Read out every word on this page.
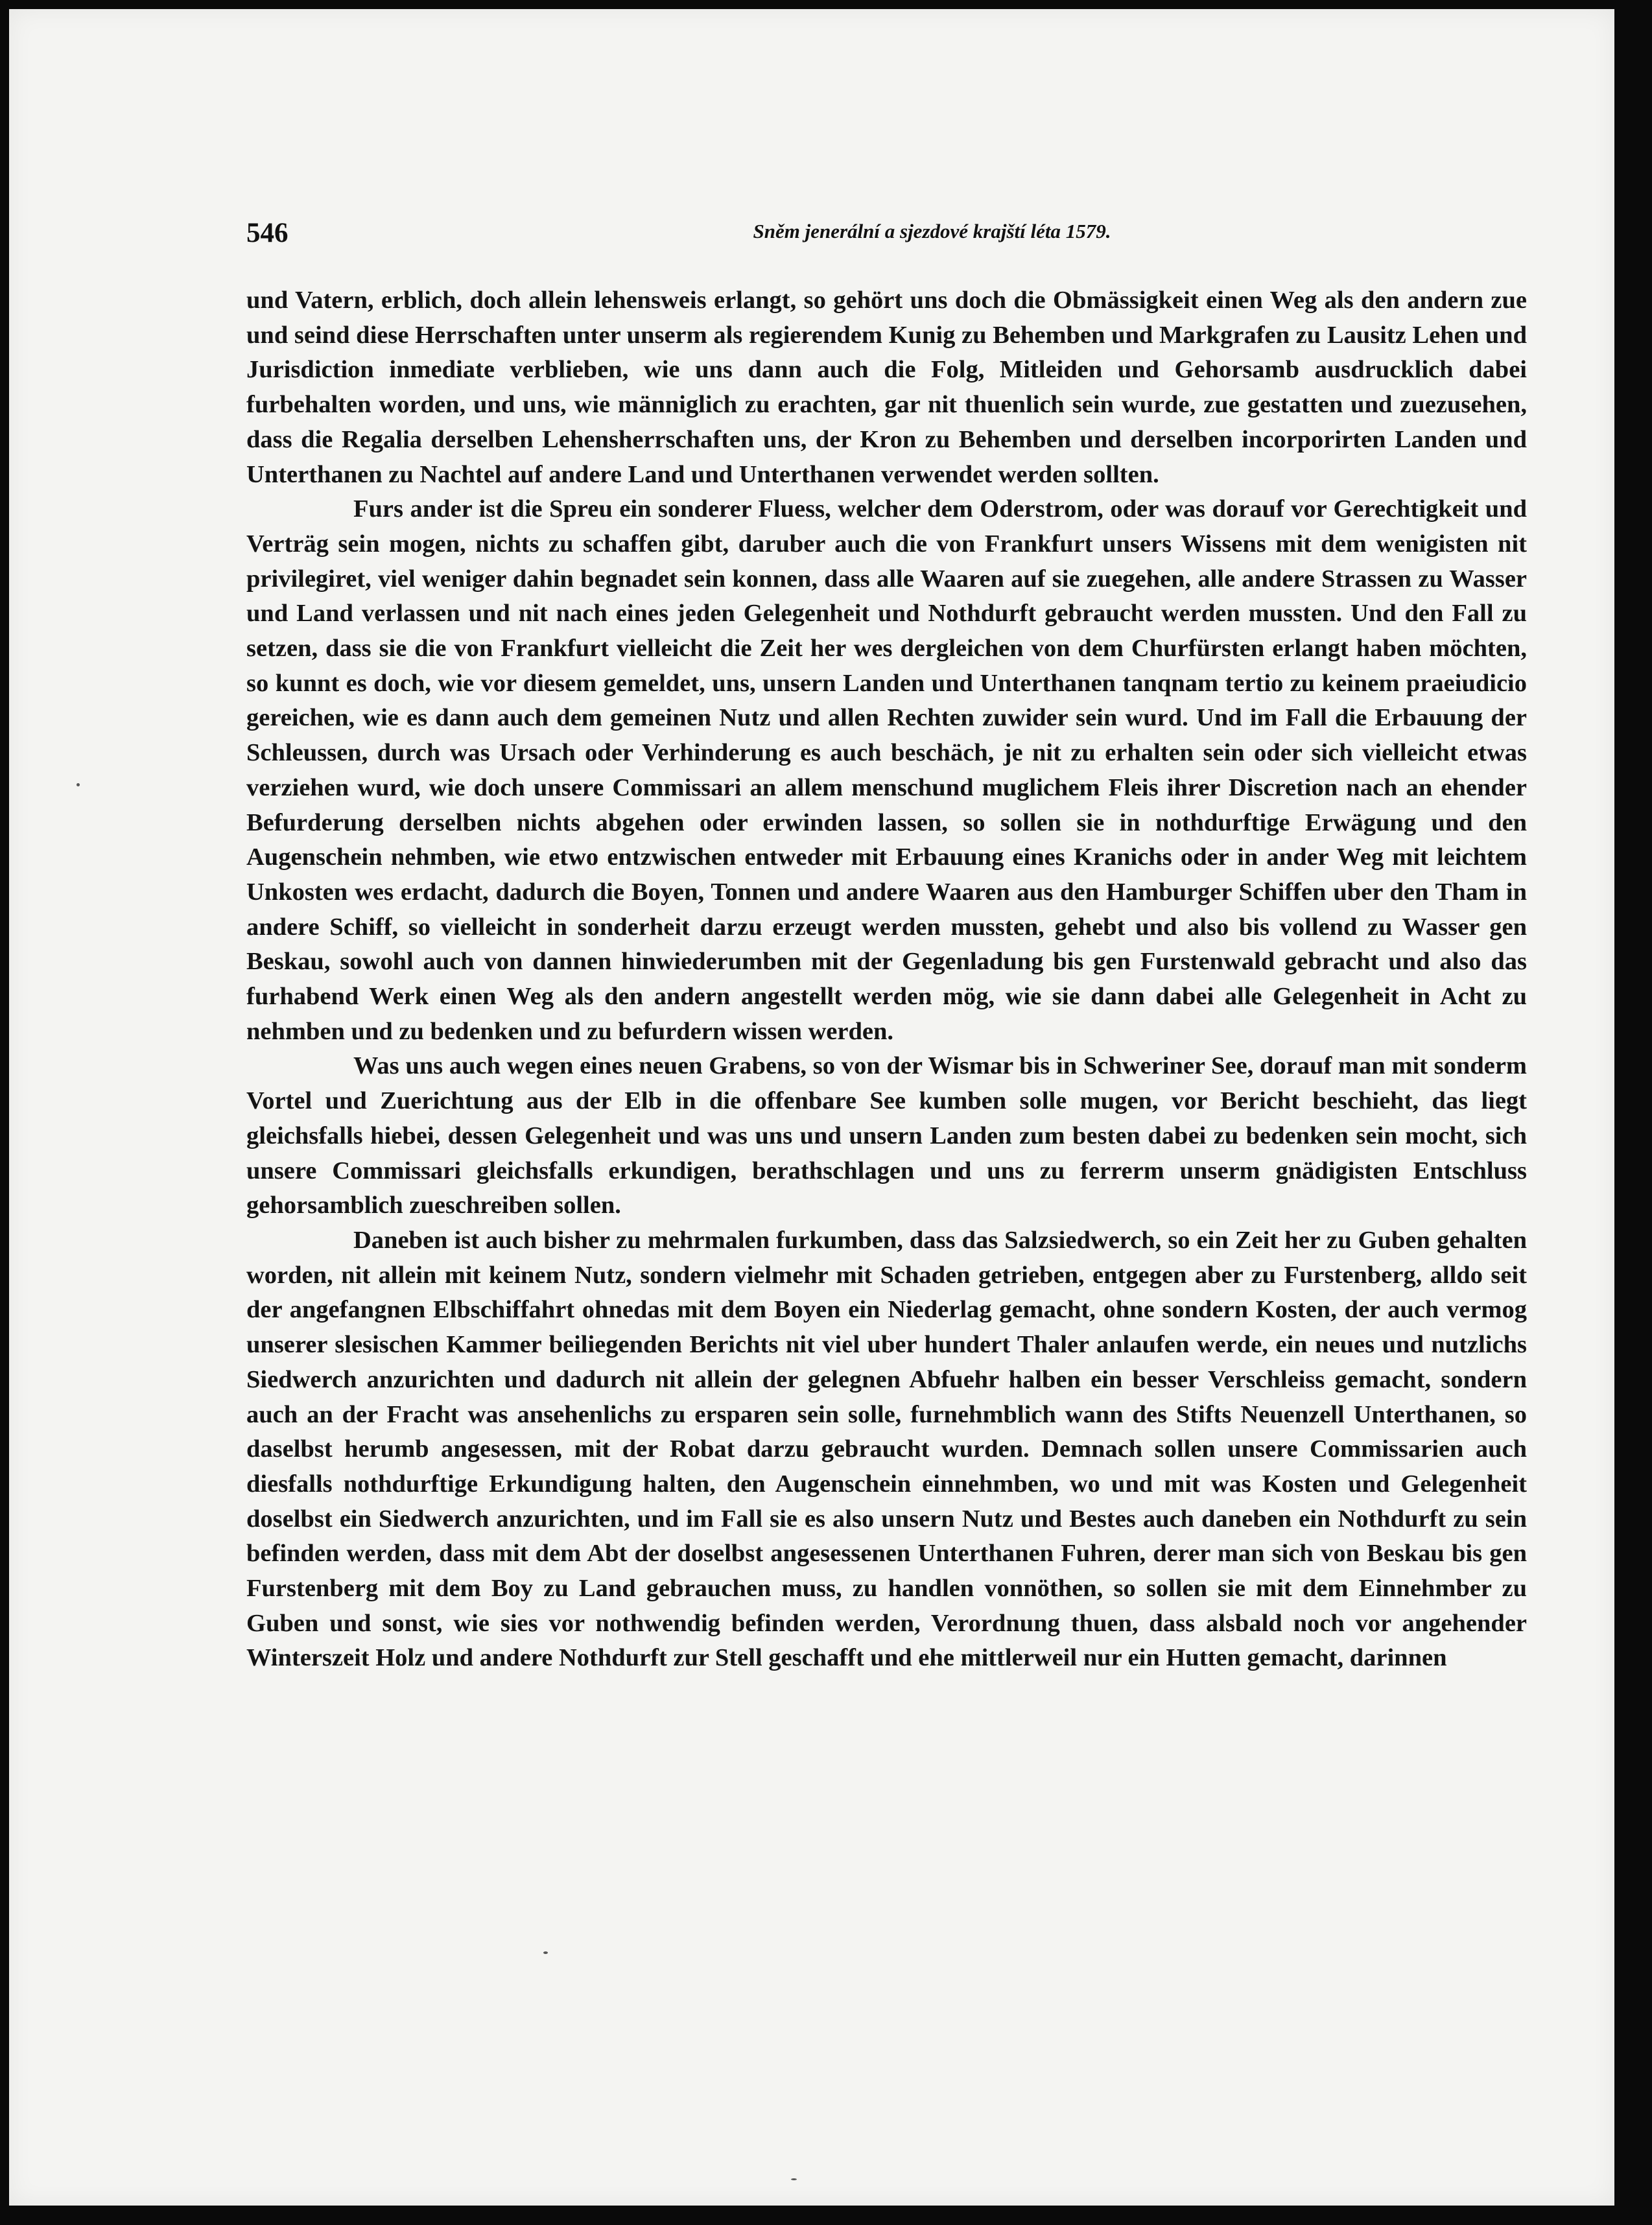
546	Sněm jenerální a sjezdové krajští léta 1579.

und Vatern, erblich, doch allein lehensweis erlangt, so gehört uns doch die Obmässigkeit einen Weg als den andern zue und seind diese Herrschaften unter unserm als regierendem Kunig zu Behemben und Markgrafen zu Lausitz Lehen und Jurisdiction inmediate verblieben, wie uns dann auch die Folg, Mitleiden und Gehorsamb ausdrucklich dabei furbehalten worden, und uns, wie männiglich zu erachten, gar nit thuenlich sein wurde, zue gestatten und zuezusehen, dass die Regalia derselben Lehensherrschaften uns, der Kron zu Behemben und derselben incorporirten Landen und Unterthanen zu Nachtel auf andere Land und Unterthanen verwendet werden sollten.

Furs ander ist die Spreu ein sonderer Fluess, welcher dem Oderstrom, oder was dorauf vor Gerechtigkeit und Verträg sein mogen, nichts zu schaffen gibt, daruber auch die von Frankfurt unsers Wissens mit dem wenigisten nit privilegiret, viel weniger dahin begnadet sein konnen, dass alle Waaren auf sie zuegehen, alle andere Strassen zu Wasser und Land verlassen und nit nach eines jeden Gelegenheit und Nothdurft gebraucht werden mussten. Und den Fall zu setzen, dass sie die von Frankfurt vielleicht die Zeit her wes dergleichen von dem Churfürsten erlangt haben möchten, so kunnt es doch, wie vor diesem gemeldet, uns, unsern Landen und Unterthanen tanqnam tertio zu keinem praeiudicio gereichen, wie es dann auch dem gemeinen Nutz und allen Rechten zuwider sein wurd. Und im Fall die Erbauung der Schleussen, durch was Ursach oder Verhinderung es auch beschäch, je nit zu erhalten sein oder sich vielleicht etwas verziehen wurd, wie doch unsere Commissari an allem menschund muglichem Fleis ihrer Discretion nach an ehender Befurderung derselben nichts abgehen oder erwinden lassen, so sollen sie in nothdurftige Erwägung und den Augenschein nehmben, wie etwo entzwischen entweder mit Erbauung eines Kranichs oder in ander Weg mit leichtem Unkosten wes erdacht, dadurch die Boyen, Tonnen und andere Waaren aus den Hamburger Schiffen uber den Tham in andere Schiff, so vielleicht in sonderheit darzu erzeugt werden mussten, gehebt und also bis vollend zu Wasser gen Beskau, sowohl auch von dannen hinwiederumben mit der Gegenladung bis gen Furstenwald gebracht und also das furhabend Werk einen Weg als den andern angestellt werden mög, wie sie dann dabei alle Gelegenheit in Acht zu nehmben und zu bedenken und zu befurdern wissen werden.

Was uns auch wegen eines neuen Grabens, so von der Wismar bis in Schweriner See, dorauf man mit sonderm Vortel und Zuerichtung aus der Elb in die offenbare See kumben solle mugen, vor Bericht beschieht, das liegt gleichsfalls hiebei, dessen Gelegenheit und was uns und unsern Landen zum besten dabei zu bedenken sein mocht, sich unsere Commissari gleichsfalls erkundigen, berathschlagen und uns zu ferrerm unserm gnädigisten Entschluss gehorsamblich zueschreiben sollen.

Daneben ist auch bisher zu mehrmalen furkumben, dass das Salzsiedwerch, so ein Zeit her zu Guben gehalten worden, nit allein mit keinem Nutz, sondern vielmehr mit Schaden getrieben, entgegen aber zu Furstenberg, alldo seit der angefangnen Elbschiffahrt ohnedas mit dem Boyen ein Niederlag gemacht, ohne sondern Kosten, der auch vermog unserer slesischen Kammer beiliegenden Berichts nit viel uber hundert Thaler anlaufen werde, ein neues und nutzlichs Siedwerch anzurichten und dadurch nit allein der gelegnen Abfuehr halben ein besser Verschleiss gemacht, sondern auch an der Fracht was ansehenlichs zu ersparen sein solle, furnehmblich wann des Stifts Neuenzell Unterthanen, so daselbst herumb angesessen, mit der Robat darzu gebraucht wurden. Demnach sollen unsere Commissarien auch diesfalls nothdurftige Erkundigung halten, den Augenschein einnehmben, wo und mit was Kosten und Gelegenheit doselbst ein Siedwerch anzurichten, und im Fall sie es also unsern Nutz und Bestes auch daneben ein Nothdurft zu sein befinden werden, dass mit dem Abt der doselbst angesessenen Unterthanen Fuhren, derer man sich von Beskau bis gen Furstenberg mit dem Boy zu Land gebrauchen muss, zu handlen vonnöthen, so sollen sie mit dem Einnehmber zu Guben und sonst, wie sies vor nothwendig befinden werden, Verordnung thuen, dass alsbald noch vor angehender Winterszeit Holz und andere Nothdurft zur Stell geschafft und ehe mittlerweil nur ein Hutten gemacht, darinnen
